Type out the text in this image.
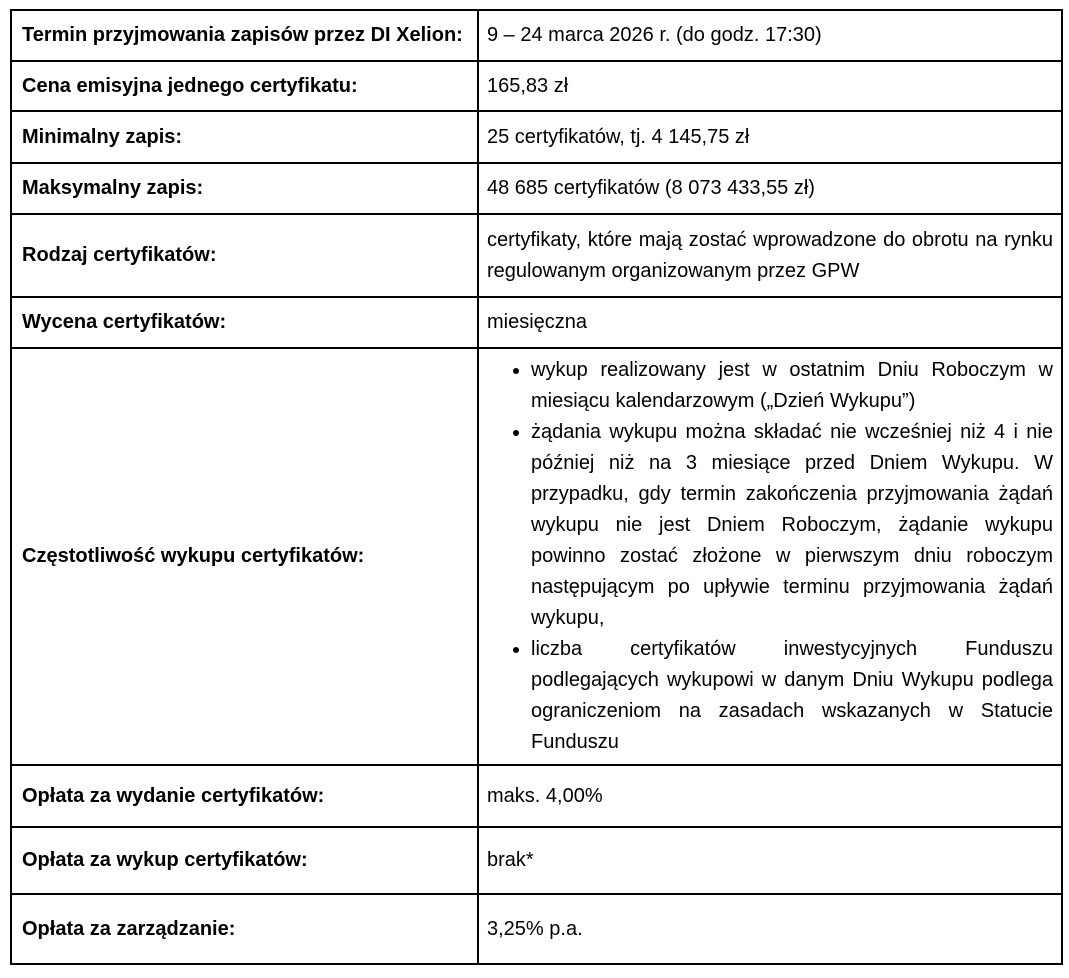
Termin przyjmowania zapisów przez DI Xelion:	9 – 24 marca 2026 r. (do godz. 17:30)
Cena emisyjna jednego certyfikatu:	165,83 zł
Minimalny zapis:	25 certyfikatów, tj. 4 145,75 zł
Maksymalny zapis:	48 685 certyfikatów (8 073 433,55 zł)
Rodzaj certyfikatów:	certyfikaty, które mają zostać wprowadzone do obrotu na rynku regulowanym organizowanym przez GPW
Wycena certyfikatów:	miesięczna
Częstotliwość wykupu certyfikatów:	
• wykup realizowany jest w ostatnim Dniu Roboczym w miesiącu kalendarzowym („Dzień Wykupu”)
• żądania wykupu można składać nie wcześniej niż 4 i nie później niż na 3 miesiące przed Dniem Wykupu. W przypadku, gdy termin zakończenia przyjmowania żądań wykupu nie jest Dniem Roboczym, żądanie wykupu powinno zostać złożone w pierwszym dniu roboczym następującym po upływie terminu przyjmowania żądań wykupu,
• liczba certyfikatów inwestycyjnych Funduszu podlegających wykupowi w danym Dniu Wykupu podlega ograniczeniom na zasadach wskazanych w Statucie Funduszu

Opłata za wydanie certyfikatów:	maks. 4,00%
Opłata za wykup certyfikatów:	brak*
Opłata za zarządzanie:	3,25% p.a.
